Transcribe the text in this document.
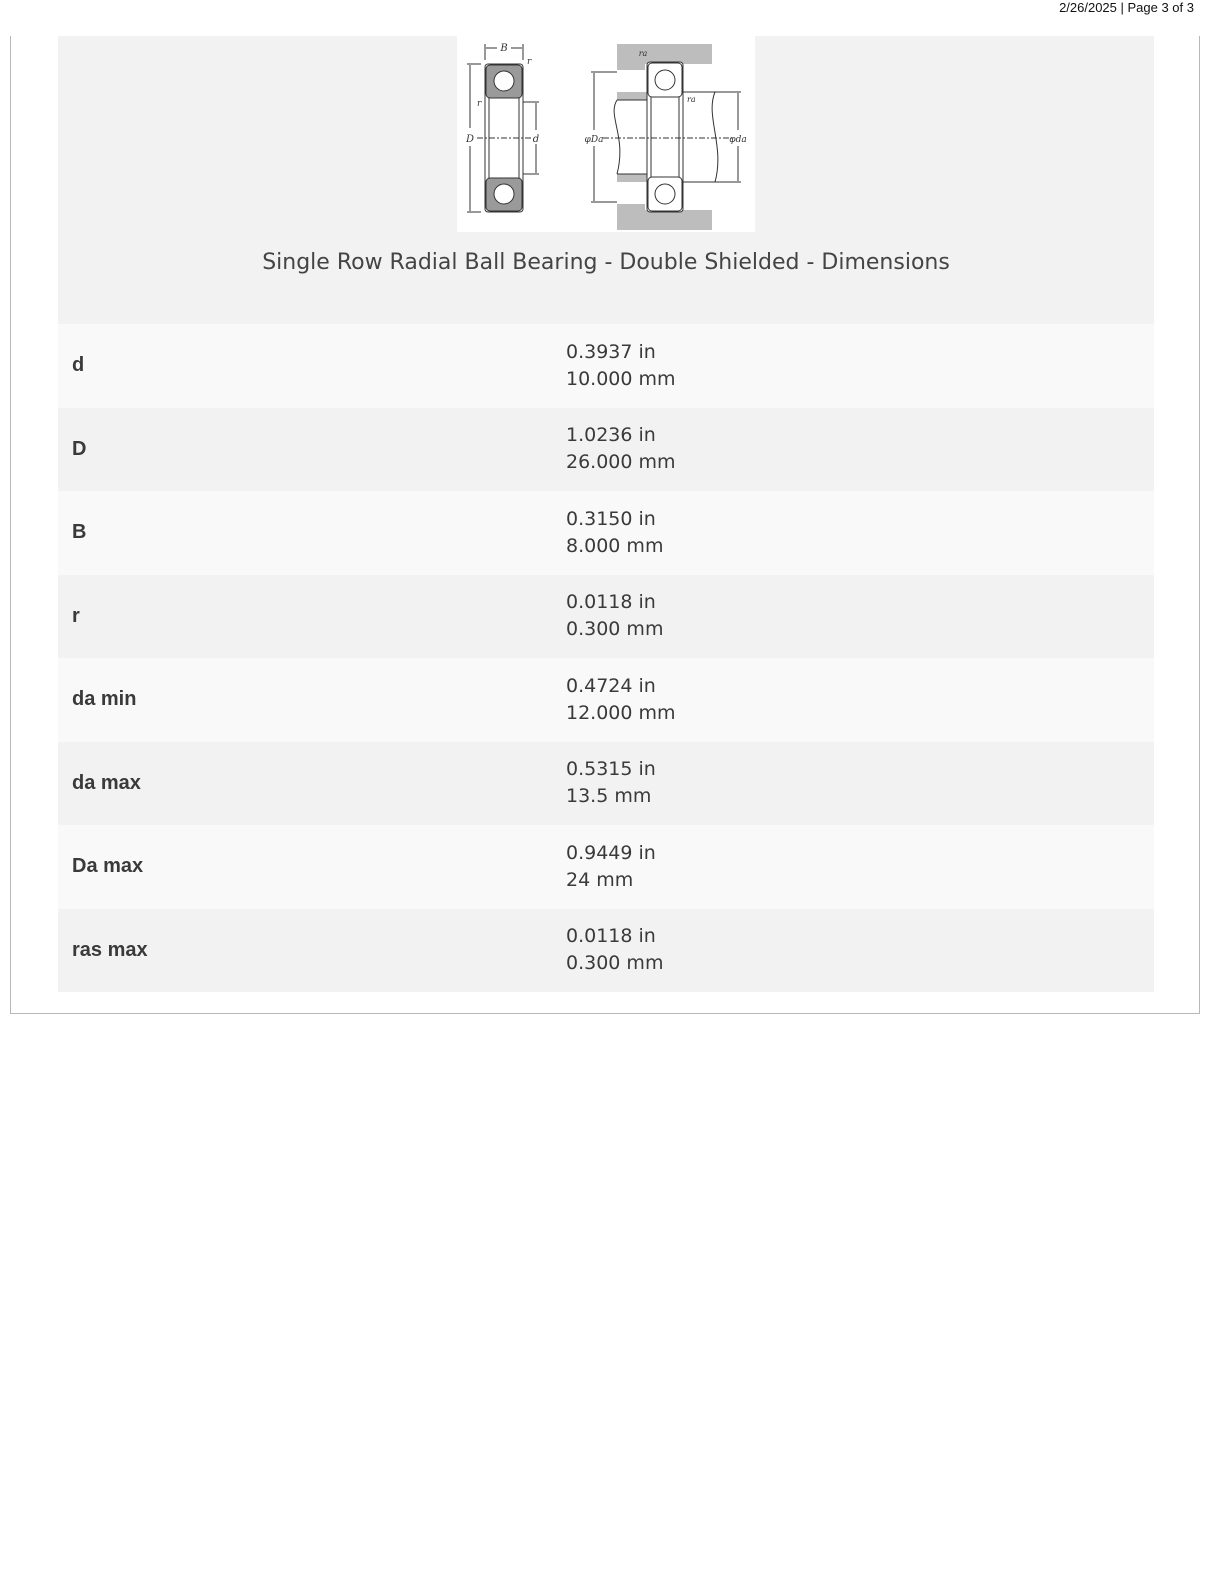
2/26/2025 | Page 3 of 3
B
r
r
D	d
ra
ra
φDa	φda
Single Row Radial Ball Bearing - Double Shielded - Dimensions
d
0.3937 in
10.000 mm
D
1.0236 in
26.000 mm
B
0.3150 in
8.000 mm
r
0.0118 in
0.300 mm
da min
0.4724 in
12.000 mm
da max
0.5315 in
13.5 mm
Da max
0.9449 in
24 mm
ras max
0.0118 in
0.300 mm
